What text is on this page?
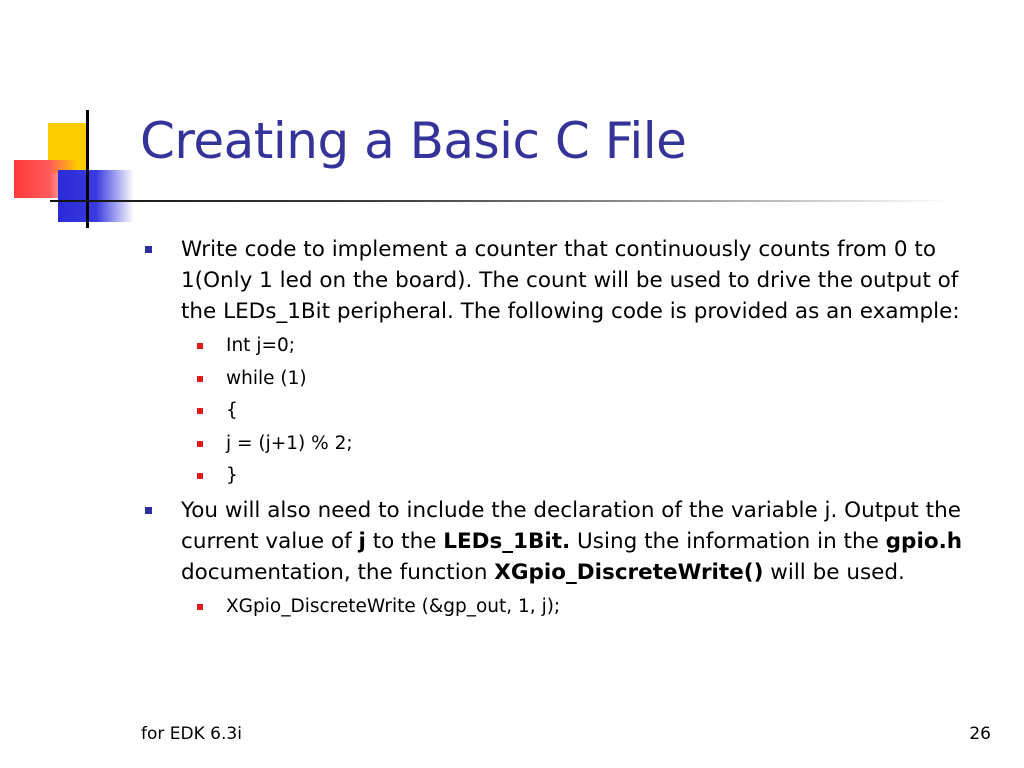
Creating a Basic C File
Write code to implement a counter that continuously counts from 0 to 1(Only 1 led on the board). The count will be used to drive the output of the LEDs_1Bit peripheral. The following code is provided as an example:
Int j=0;
while (1)
{
j = (j+1) % 2;
}
You will also need to include the declaration of the variable j. Output the current value of j to the LEDs_1Bit. Using the information in the gpio.h documentation, the function XGpio_DiscreteWrite() will be used.
XGpio_DiscreteWrite (&gp_out, 1, j);
for EDK 6.3i	26
